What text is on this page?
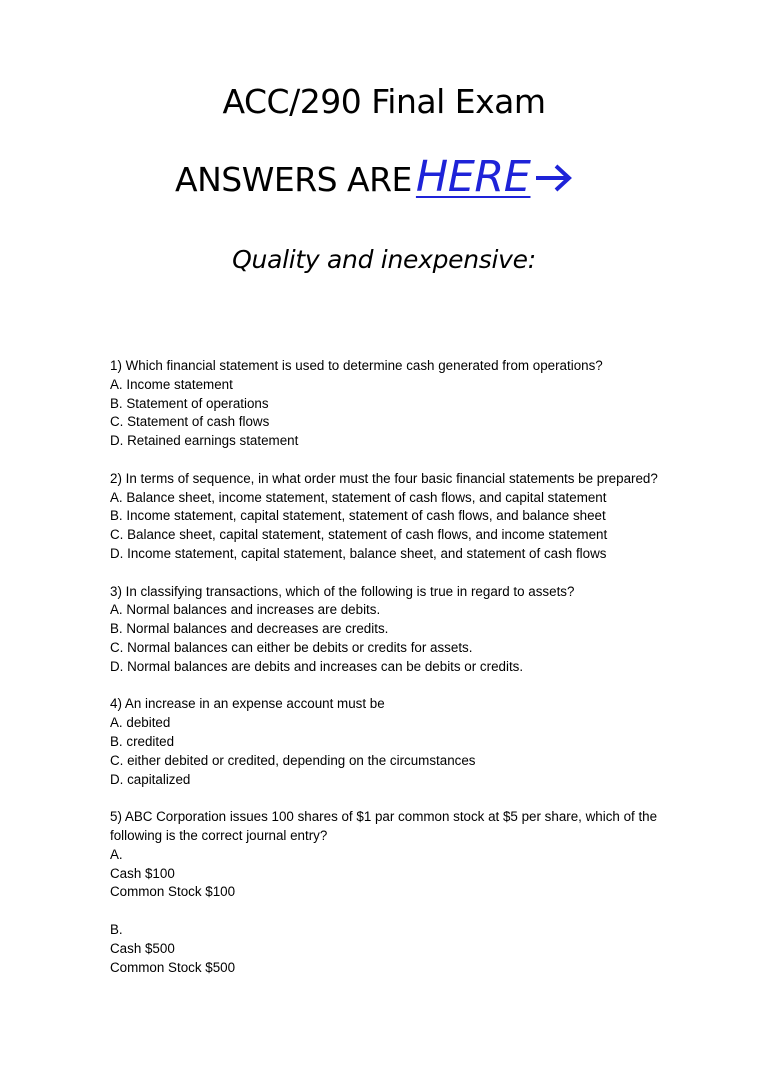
ACC/290 Final Exam
ANSWERS ARE HERE
Quality and inexpensive:
1) Which financial statement is used to determine cash generated from operations?
A. Income statement
B. Statement of operations
C. Statement of cash flows
D. Retained earnings statement
2) In terms of sequence, in what order must the four basic financial statements be prepared?
A. Balance sheet, income statement, statement of cash flows, and capital statement
B. Income statement, capital statement, statement of cash flows, and balance sheet
C. Balance sheet, capital statement, statement of cash flows, and income statement
D. Income statement, capital statement, balance sheet, and statement of cash flows
3) In classifying transactions, which of the following is true in regard to assets?
A. Normal balances and increases are debits.
B. Normal balances and decreases are credits.
C. Normal balances can either be debits or credits for assets.
D. Normal balances are debits and increases can be debits or credits.
4) An increase in an expense account must be
A. debited
B. credited
C. either debited or credited, depending on the circumstances
D. capitalized
5) ABC Corporation issues 100 shares of $1 par common stock at $5 per share, which of the
following is the correct journal entry?
A.
Cash $100
Common Stock $100
B.
Cash $500
Common Stock $500
